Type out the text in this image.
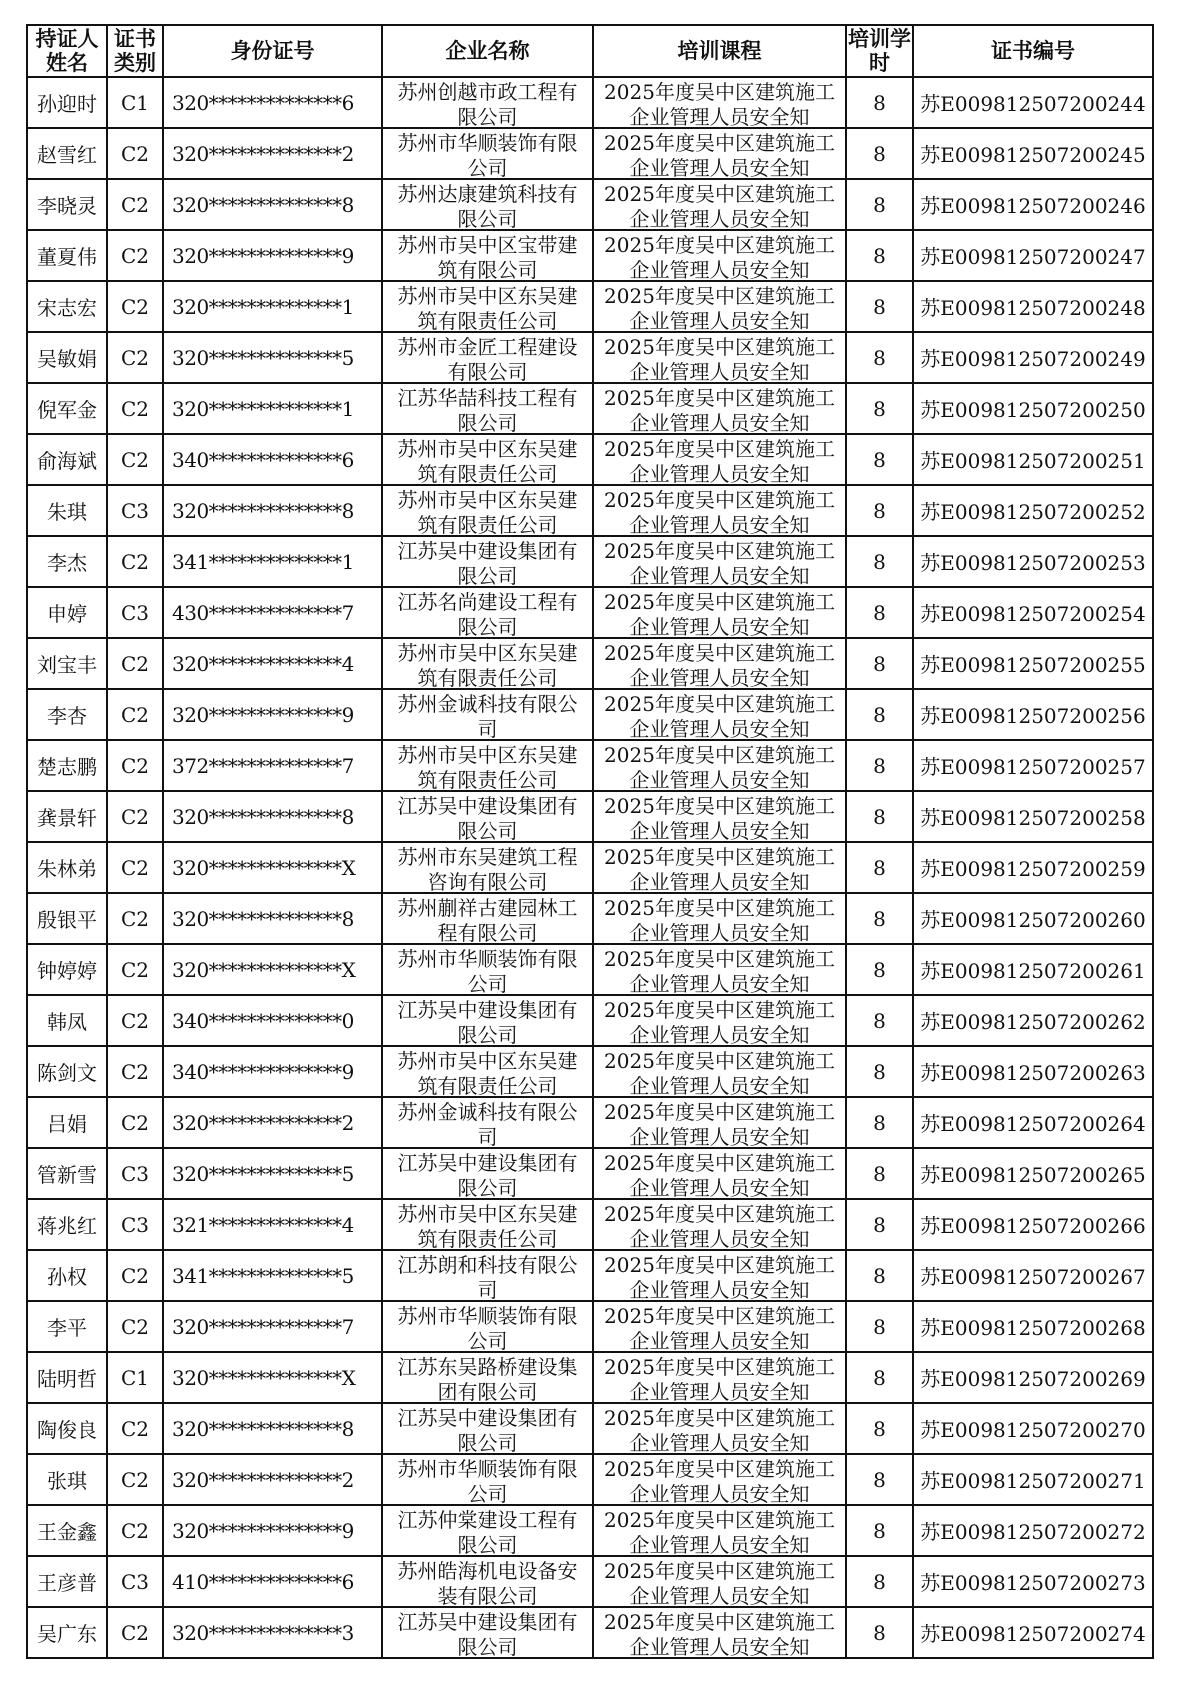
持证人姓名	证书类别	身份证号	企业名称	培训课程	培训学时	证书编号
孙迎时	C1	320**************6	苏州创越市政工程有限公司	2025年度吴中区建筑施工企业管理人员安全知	8	苏E009812507200244
赵雪红	C2	320**************2	苏州市华顺装饰有限公司	2025年度吴中区建筑施工企业管理人员安全知	8	苏E009812507200245
李晓灵	C2	320**************8	苏州达康建筑科技有限公司	2025年度吴中区建筑施工企业管理人员安全知	8	苏E009812507200246
董夏伟	C2	320**************9	苏州市吴中区宝带建筑有限公司	2025年度吴中区建筑施工企业管理人员安全知	8	苏E009812507200247
宋志宏	C2	320**************1	苏州市吴中区东吴建筑有限责任公司	2025年度吴中区建筑施工企业管理人员安全知	8	苏E009812507200248
吴敏娟	C2	320**************5	苏州市金匠工程建设有限公司	2025年度吴中区建筑施工企业管理人员安全知	8	苏E009812507200249
倪军金	C2	320**************1	江苏华喆科技工程有限公司	2025年度吴中区建筑施工企业管理人员安全知	8	苏E009812507200250
俞海斌	C2	340**************6	苏州市吴中区东吴建筑有限责任公司	2025年度吴中区建筑施工企业管理人员安全知	8	苏E009812507200251
朱琪	C3	320**************8	苏州市吴中区东吴建筑有限责任公司	2025年度吴中区建筑施工企业管理人员安全知	8	苏E009812507200252
李杰	C2	341**************1	江苏吴中建设集团有限公司	2025年度吴中区建筑施工企业管理人员安全知	8	苏E009812507200253
申婷	C3	430**************7	江苏名尚建设工程有限公司	2025年度吴中区建筑施工企业管理人员安全知	8	苏E009812507200254
刘宝丰	C2	320**************4	苏州市吴中区东吴建筑有限责任公司	2025年度吴中区建筑施工企业管理人员安全知	8	苏E009812507200255
李杏	C2	320**************9	苏州金诚科技有限公司	2025年度吴中区建筑施工企业管理人员安全知	8	苏E009812507200256
楚志鹏	C2	372**************7	苏州市吴中区东吴建筑有限责任公司	2025年度吴中区建筑施工企业管理人员安全知	8	苏E009812507200257
龚景轩	C2	320**************8	江苏吴中建设集团有限公司	2025年度吴中区建筑施工企业管理人员安全知	8	苏E009812507200258
朱林弟	C2	320**************X	苏州市东吴建筑工程咨询有限公司	2025年度吴中区建筑施工企业管理人员安全知	8	苏E009812507200259
殷银平	C2	320**************8	苏州蒯祥古建园林工程有限公司	2025年度吴中区建筑施工企业管理人员安全知	8	苏E009812507200260
钟婷婷	C2	320**************X	苏州市华顺装饰有限公司	2025年度吴中区建筑施工企业管理人员安全知	8	苏E009812507200261
韩凤	C2	340**************0	江苏吴中建设集团有限公司	2025年度吴中区建筑施工企业管理人员安全知	8	苏E009812507200262
陈剑文	C2	340**************9	苏州市吴中区东吴建筑有限责任公司	2025年度吴中区建筑施工企业管理人员安全知	8	苏E009812507200263
吕娟	C2	320**************2	苏州金诚科技有限公司	2025年度吴中区建筑施工企业管理人员安全知	8	苏E009812507200264
管新雪	C3	320**************5	江苏吴中建设集团有限公司	2025年度吴中区建筑施工企业管理人员安全知	8	苏E009812507200265
蒋兆红	C3	321**************4	苏州市吴中区东吴建筑有限责任公司	2025年度吴中区建筑施工企业管理人员安全知	8	苏E009812507200266
孙权	C2	341**************5	江苏朗和科技有限公司	2025年度吴中区建筑施工企业管理人员安全知	8	苏E009812507200267
李平	C2	320**************7	苏州市华顺装饰有限公司	2025年度吴中区建筑施工企业管理人员安全知	8	苏E009812507200268
陆明哲	C1	320**************X	江苏东吴路桥建设集团有限公司	2025年度吴中区建筑施工企业管理人员安全知	8	苏E009812507200269
陶俊良	C2	320**************8	江苏吴中建设集团有限公司	2025年度吴中区建筑施工企业管理人员安全知	8	苏E009812507200270
张琪	C2	320**************2	苏州市华顺装饰有限公司	2025年度吴中区建筑施工企业管理人员安全知	8	苏E009812507200271
王金鑫	C2	320**************9	江苏仲棠建设工程有限公司	2025年度吴中区建筑施工企业管理人员安全知	8	苏E009812507200272
王彦普	C3	410**************6	苏州皓海机电设备安装有限公司	2025年度吴中区建筑施工企业管理人员安全知	8	苏E009812507200273
吴广东	C2	320**************3	江苏吴中建设集团有限公司	2025年度吴中区建筑施工企业管理人员安全知	8	苏E009812507200274
